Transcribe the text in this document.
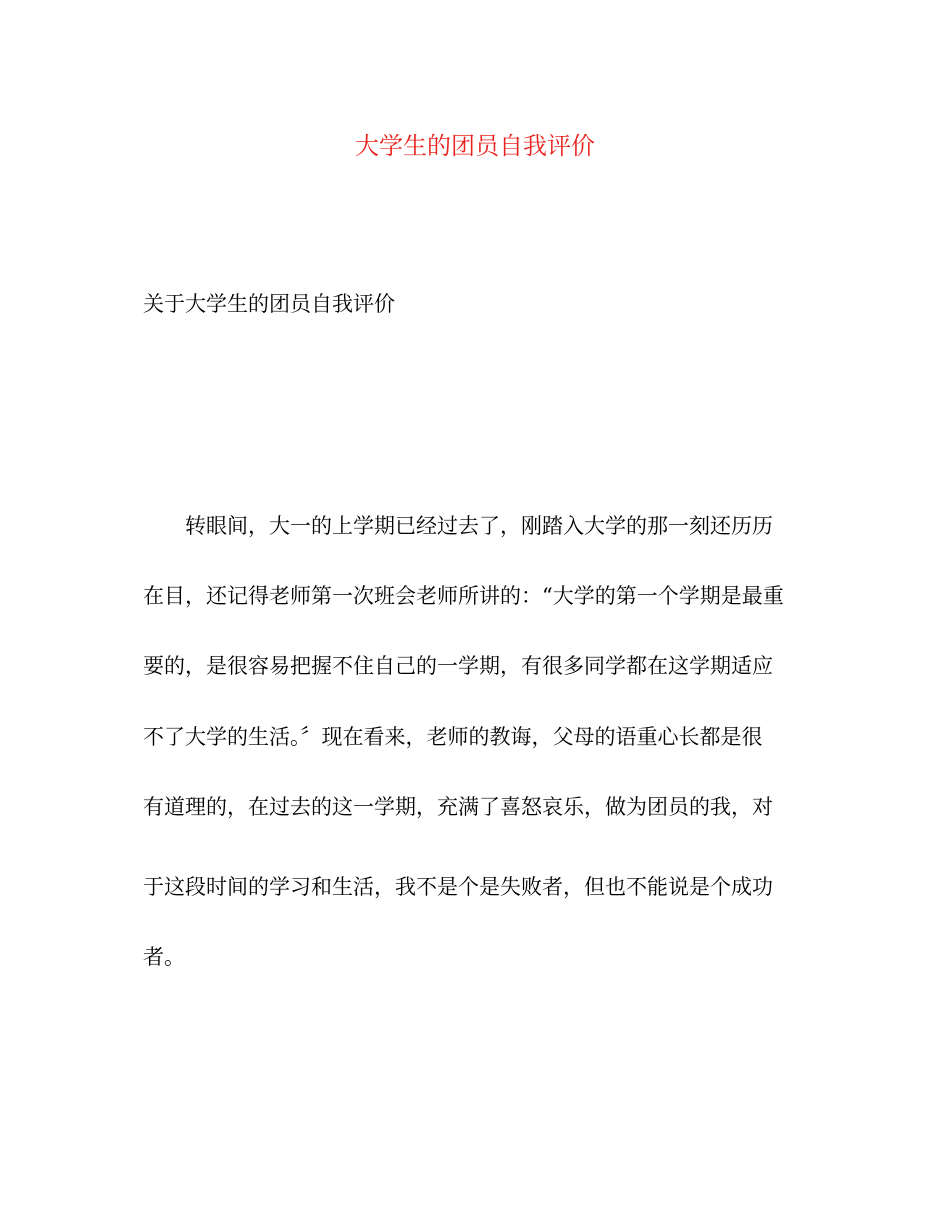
大学生的团员自我评价

关于大学生的团员自我评价

转眼间，大一的上学期已经过去了，刚踏入大学的那一刻还历历

在目，还记得老师第一次班会老师所讲的：“大学的第一个学期是最重

要的，是很容易把握不住自己的一学期，有很多同学都在这学期适应

不了大学的生活。〞现在看来，老师的教诲，父母的语重心长都是很

有道理的，在过去的这一学期，充满了喜怒哀乐，做为团员的我，对

于这段时间的学习和生活，我不是个是失败者，但也不能说是个成功

者。
